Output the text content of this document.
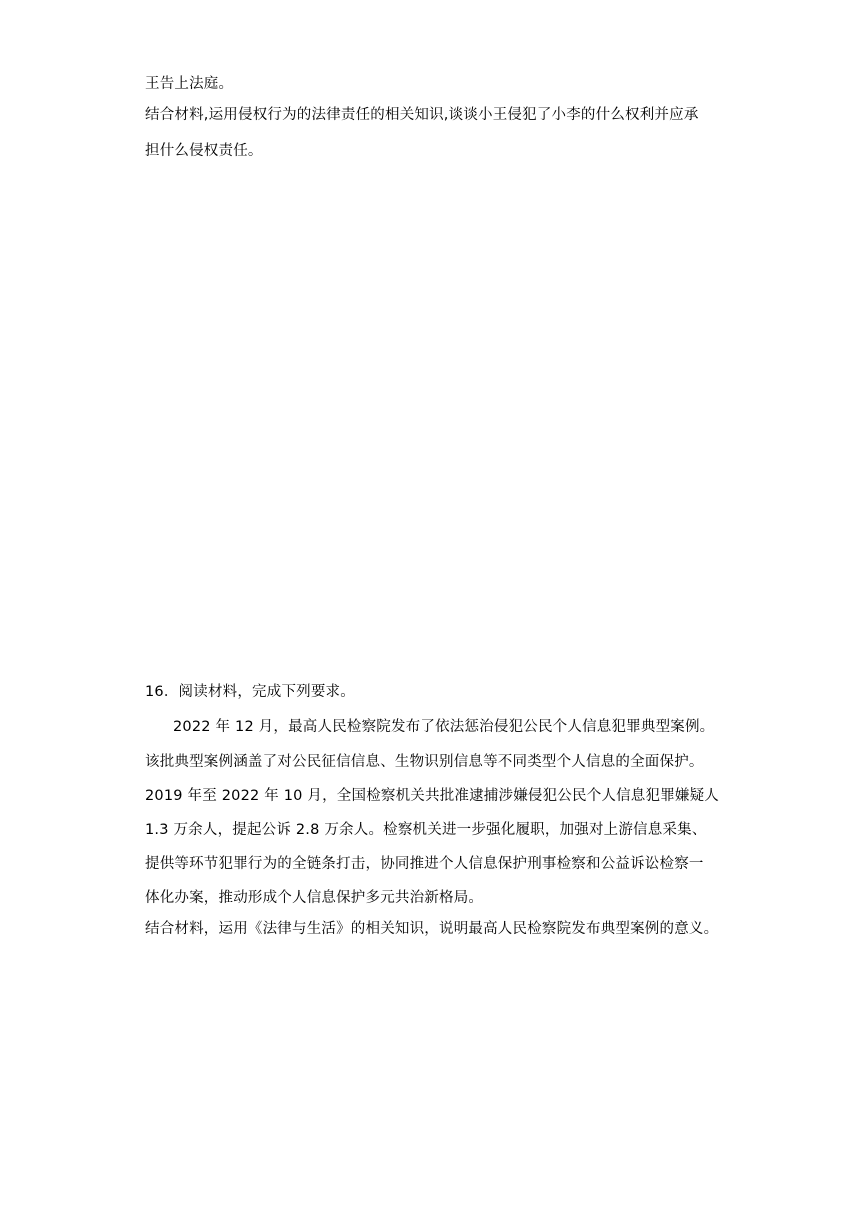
王告上法庭。
结合材料,运用侵权行为的法律责任的相关知识,谈谈小王侵犯了小李的什么权利并应承
担什么侵权责任。
16．阅读材料，完成下列要求。
2022 年 12 月，最高人民检察院发布了依法惩治侵犯公民个人信息犯罪典型案例。
该批典型案例涵盖了对公民征信信息、生物识别信息等不同类型个人信息的全面保护。
2019 年至 2022 年 10 月，全国检察机关共批准逮捕涉嫌侵犯公民个人信息犯罪嫌疑人
1.3 万余人，提起公诉 2.8 万余人。检察机关进一步强化履职，加强对上游信息采集、
提供等环节犯罪行为的全链条打击，协同推进个人信息保护刑事检察和公益诉讼检察一
体化办案，推动形成个人信息保护多元共治新格局。
结合材料，运用《法律与生活》的相关知识，说明最高人民检察院发布典型案例的意义。
